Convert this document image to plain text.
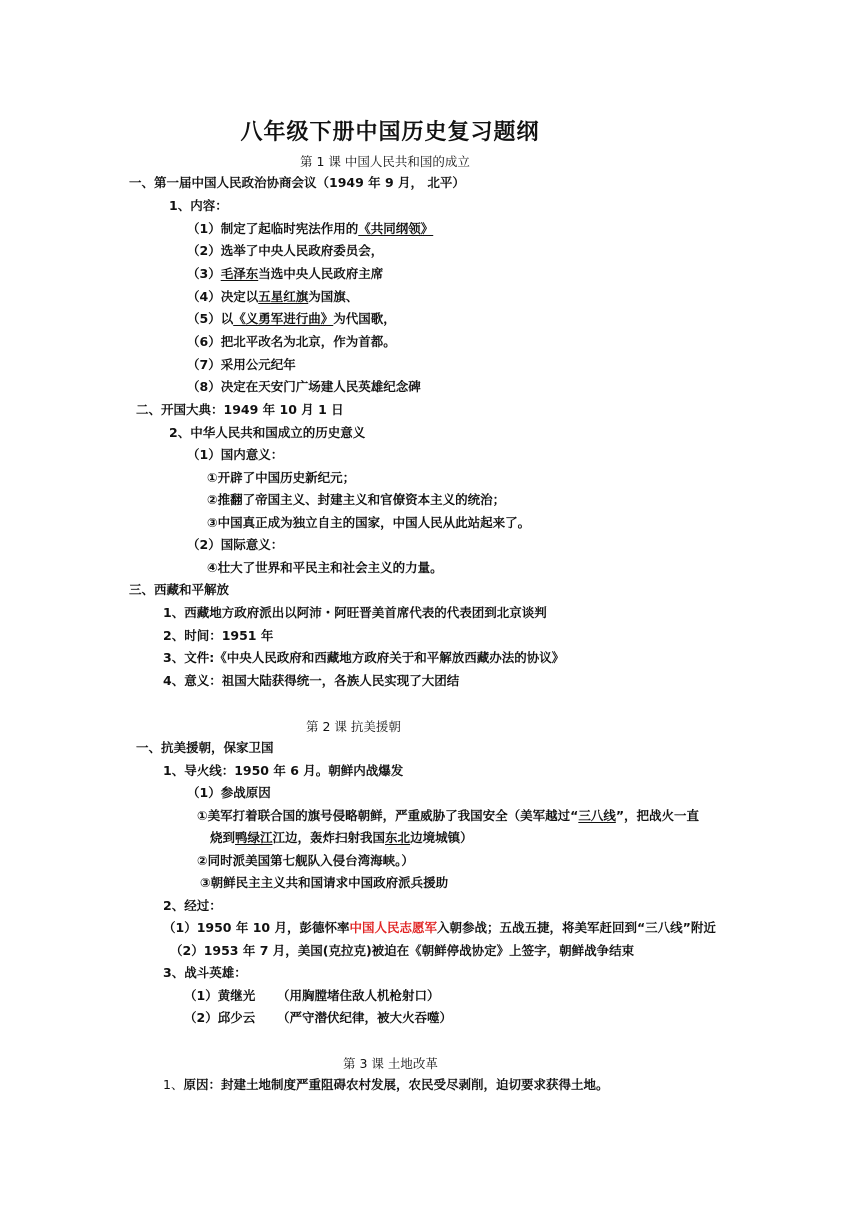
八年级下册中国历史复习题纲
第 1 课 中国人民共和国的成立
一、第一届中国人民政治协商会议（1949 年 9 月， 北平）
1、内容：
（1）制定了起临时宪法作用的《共同纲领》
（2）选举了中央人民政府委员会，
（3）毛泽东当选中央人民政府主席
（4）决定以五星红旗为国旗、
（5）以《义勇军进行曲》为代国歌，
（6）把北平改名为北京，作为首都。
（7）采用公元纪年
（8）决定在天安门广场建人民英雄纪念碑
二、开国大典：1949 年 10 月 1 日
2、中华人民共和国成立的历史意义
（1）国内意义：
①开辟了中国历史新纪元；
②推翻了帝国主义、封建主义和官僚资本主义的统治；
③中国真正成为独立自主的国家，中国人民从此站起来了。
（2）国际意义：
④壮大了世界和平民主和社会主义的力量。
三、西藏和平解放
1、西藏地方政府派出以阿沛・阿旺晋美首席代表的代表团到北京谈判
2、时间：1951 年
3、文件:《中央人民政府和西藏地方政府关于和平解放西藏办法的协议》
4、意义：祖国大陆获得统一，各族人民实现了大团结
第 2 课 抗美援朝
一、抗美援朝，保家卫国
1、导火线：1950 年 6 月。朝鲜内战爆发
（1）参战原因
①美军打着联合国的旗号侵略朝鲜，严重威胁了我国安全（美军越过“三八线”，把战火一直
烧到鸭绿江江边，轰炸扫射我国东北边境城镇）
②同时派美国第七舰队入侵台湾海峡。）
③朝鲜民主主义共和国请求中国政府派兵援助
2、经过：
（1）1950 年 10 月，彭德怀率中国人民志愿军入朝参战；五战五捷，将美军赶回到“三八线”附近
（2）1953 年 7 月，美国(克拉克)被迫在《朝鲜停战协定》上签字，朝鲜战争结束
3、战斗英雄：
（1）黄继光 （用胸膛堵住敌人机枪射口）
（2）邱少云 （严守潜伏纪律，被大火吞噬）
第 3 课 土地改革
1、原因：封建土地制度严重阻碍农村发展，农民受尽剥削，迫切要求获得土地。
